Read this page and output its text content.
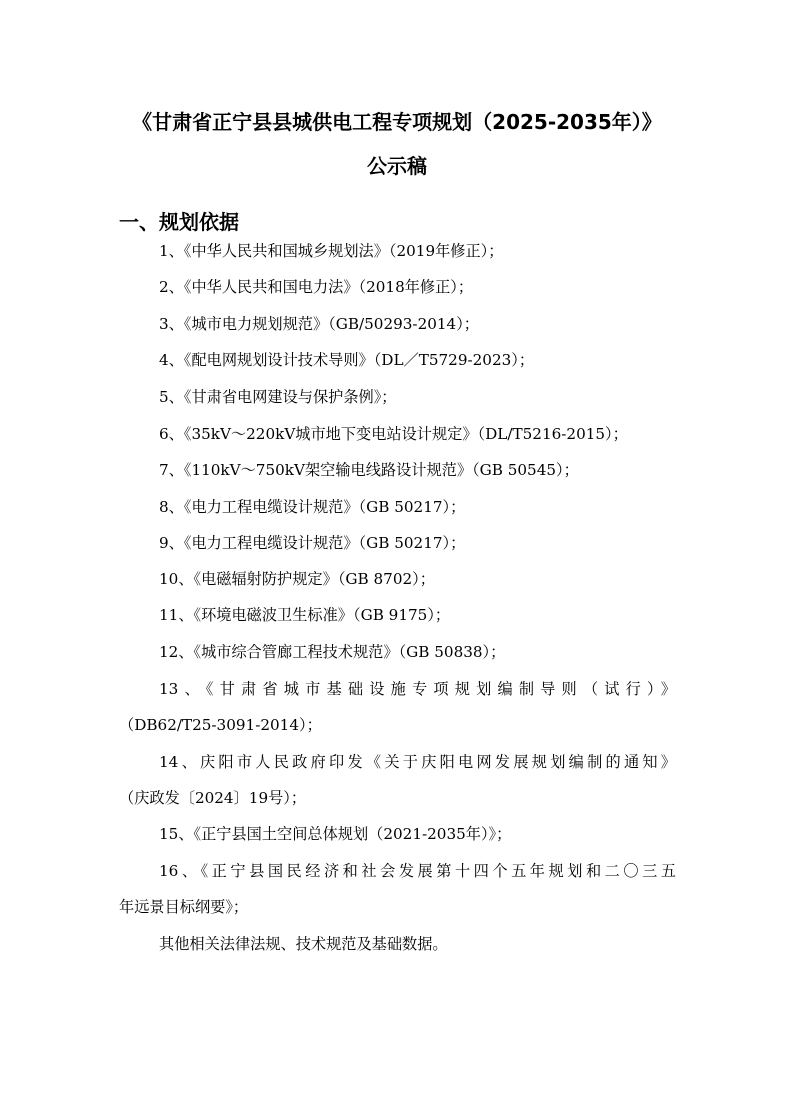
《甘肃省正宁县县城供电工程专项规划（2025-2035年）》
公示稿
一、规划依据
1、《中华人民共和国城乡规划法》（2019年修正）；
2、《中华人民共和国电力法》（2018年修正）；
3、《城市电力规划规范》（GB/50293-2014）；
4、《配电网规划设计技术导则》（DL／T5729-2023）；
5、《甘肃省电网建设与保护条例》；
6、《35kV～220kV城市地下变电站设计规定》（DL/T5216-2015）；
7、《110kV～750kV架空输电线路设计规范》（GB 50545）；
8、《电力工程电缆设计规范》（GB 50217）；
9、《电力工程电缆设计规范》（GB 50217）；
10、《电磁辐射防护规定》（GB 8702）；
11、《环境电磁波卫生标准》（GB 9175）；
12、《城市综合管廊工程技术规范》（GB 50838）；
13、《甘肃省城市基础设施专项规划编制导则（试行）》
（DB62/T25-3091-2014）；
14、庆阳市人民政府印发《关于庆阳电网发展规划编制的通知》
（庆政发〔2024〕19号）；
15、《正宁县国土空间总体规划（2021-2035年）》；
16、《正宁县国民经济和社会发展第十四个五年规划和二〇三五
年远景目标纲要》；
其他相关法律法规、技术规范及基础数据。
